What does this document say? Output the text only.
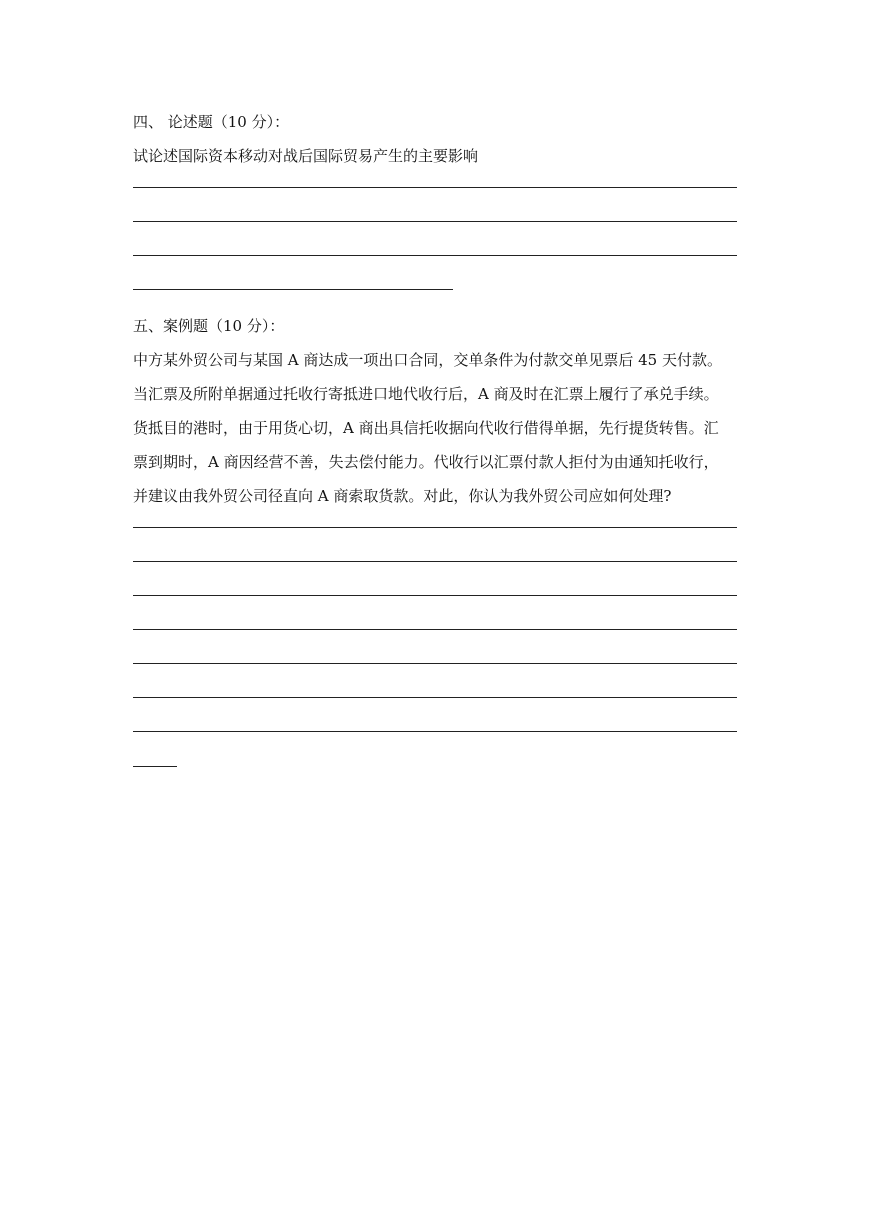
四、 论述题（10 分）：
试论述国际资本移动对战后国际贸易产生的主要影响
五、案例题（10 分）：
中方某外贸公司与某国 A 商达成一项出口合同，交单条件为付款交单见票后 45 天付款。
当汇票及所附单据通过托收行寄抵进口地代收行后，A 商及时在汇票上履行了承兑手续。
货抵目的港时，由于用货心切，A 商出具信托收据向代收行借得单据，先行提货转售。汇
票到期时，A 商因经营不善，失去偿付能力。代收行以汇票付款人拒付为由通知托收行，
并建议由我外贸公司径直向 A 商索取货款。对此，你认为我外贸公司应如何处理?
